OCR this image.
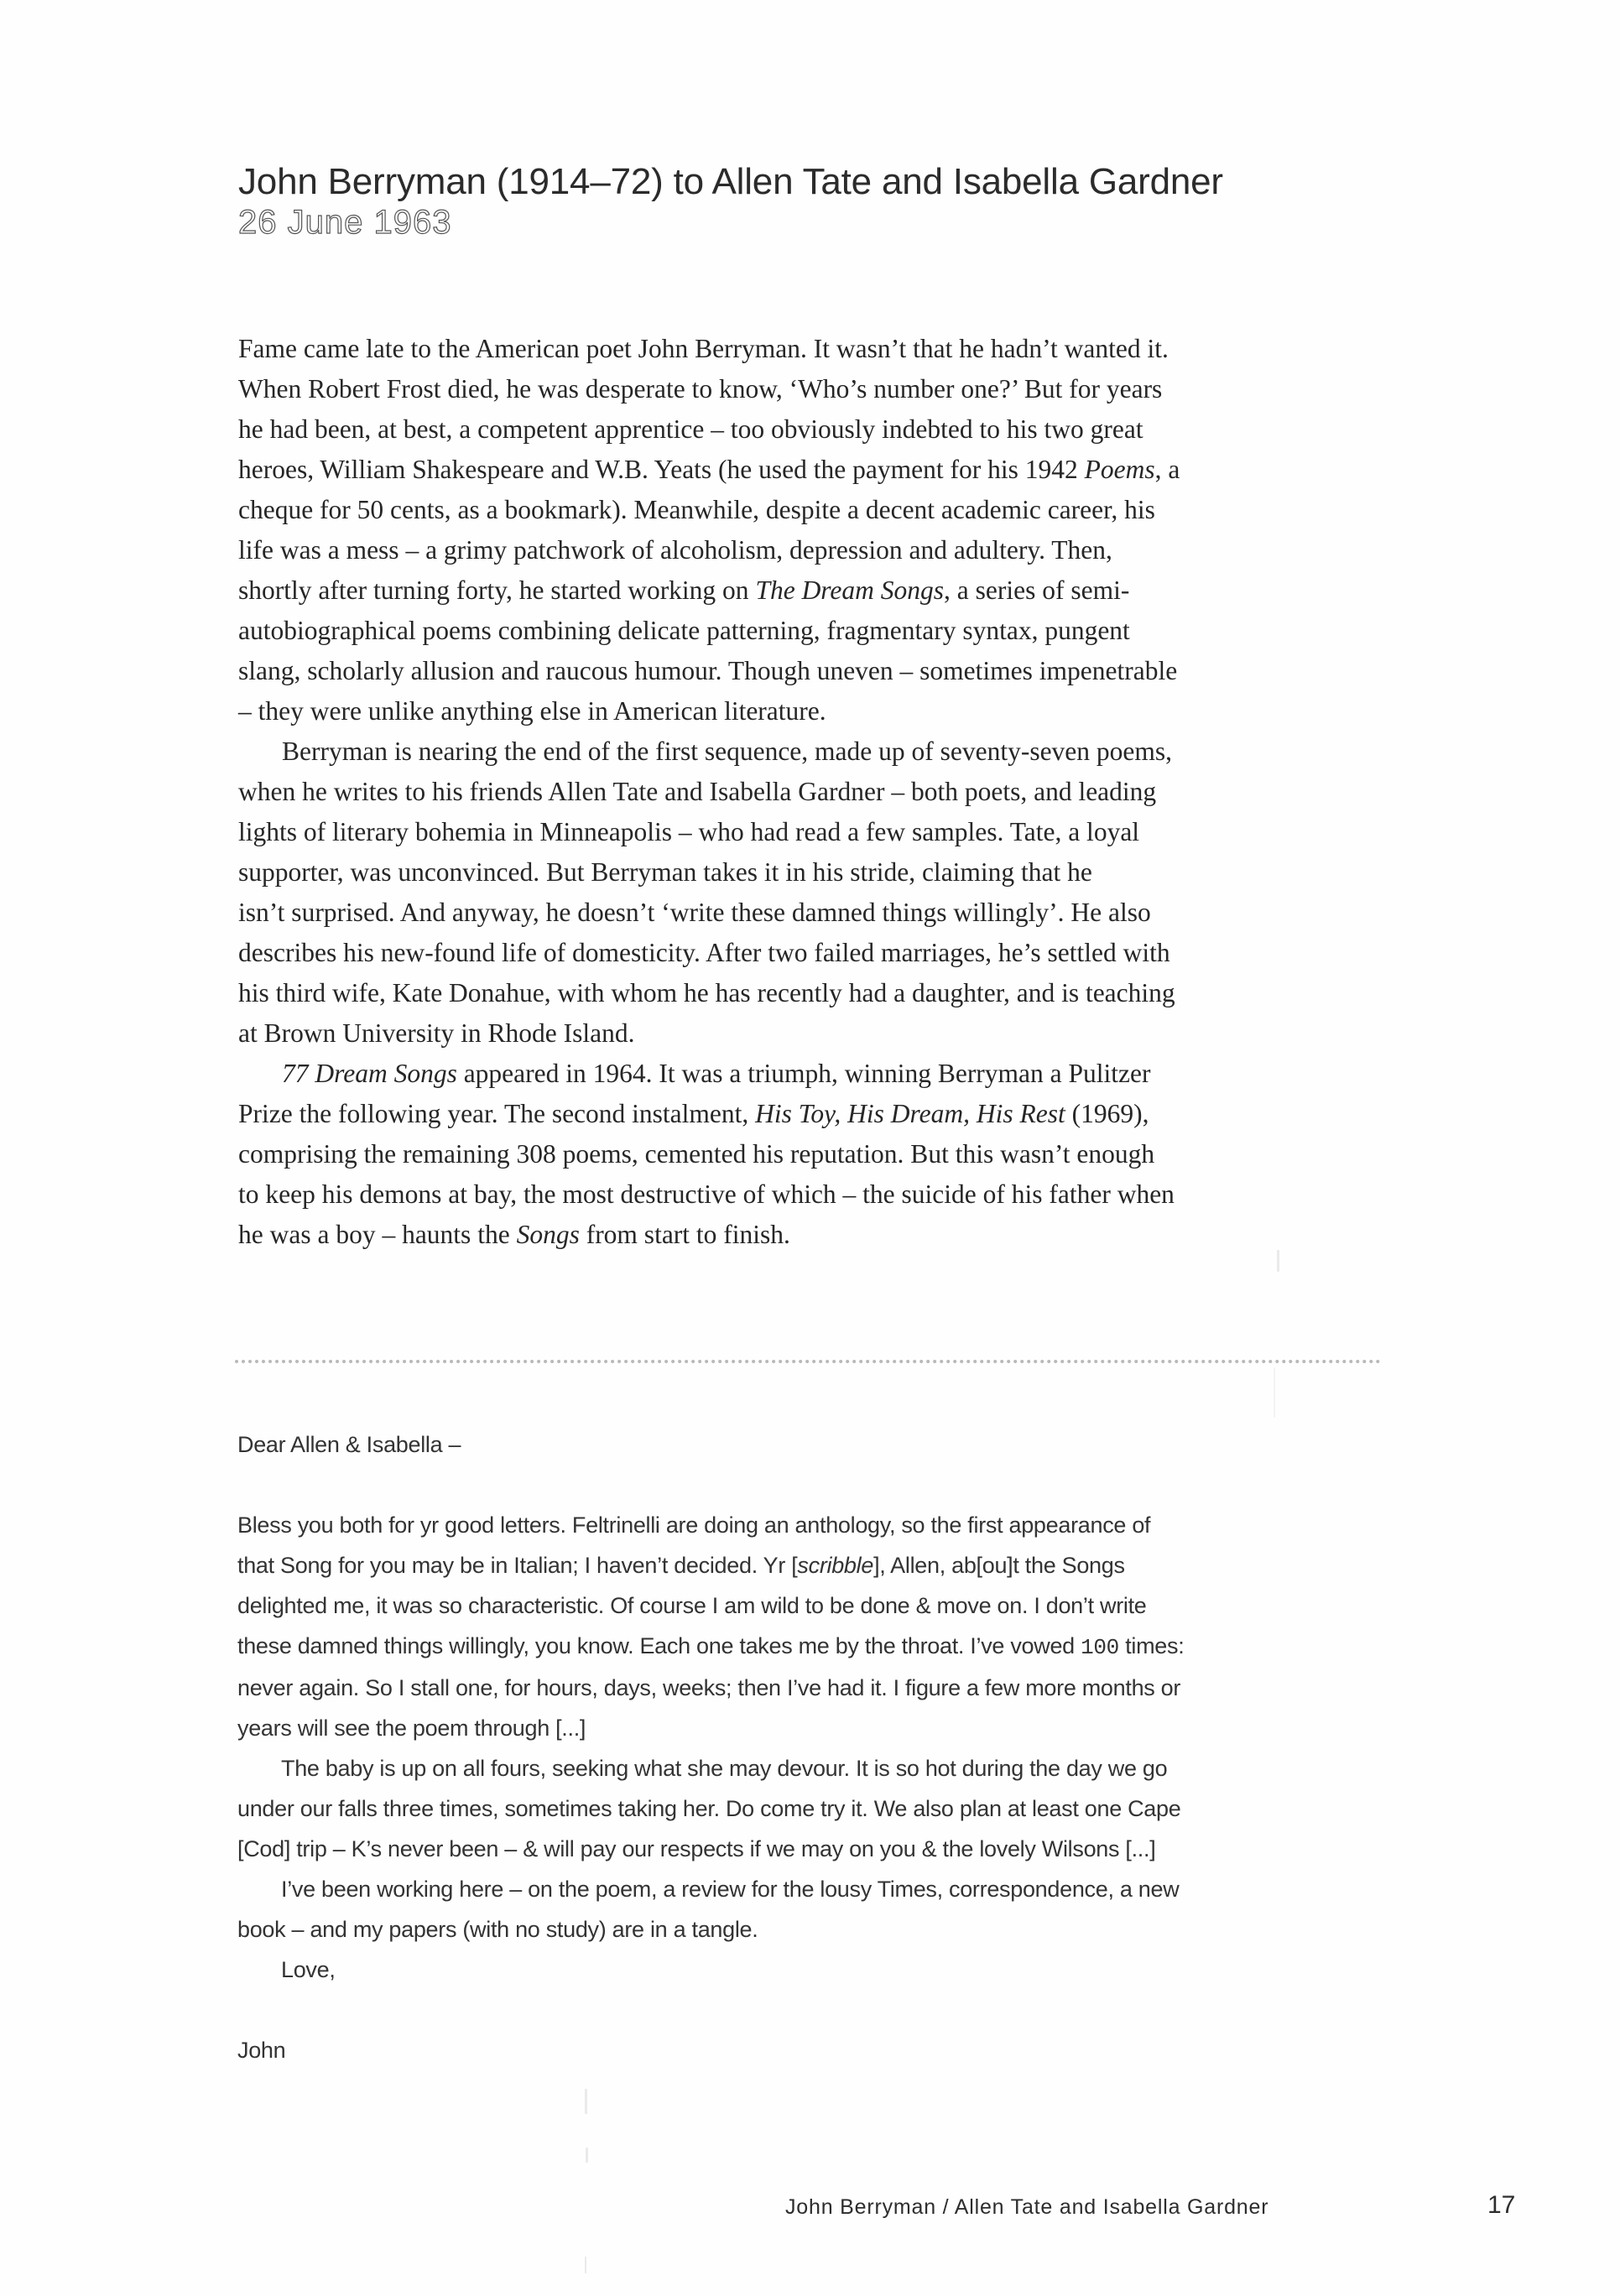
John Berryman (1914–72) to Allen Tate and Isabella Gardner
26 June 1963
Fame came late to the American poet John Berryman. It wasn’t that he hadn’t wanted it.
When Robert Frost died, he was desperate to know, ‘Who’s number one?’ But for years
he had been, at best, a competent apprentice – too obviously indebted to his two great
heroes, William Shakespeare and W.B. Yeats (he used the payment for his 1942 Poems, a
cheque for 50 cents, as a bookmark). Meanwhile, despite a decent academic career, his
life was a mess – a grimy patchwork of alcoholism, depression and adultery. Then,
shortly after turning forty, he started working on The Dream Songs, a series of semi-
autobiographical poems combining delicate patterning, fragmentary syntax, pungent
slang, scholarly allusion and raucous humour. Though uneven – sometimes impenetrable
– they were unlike anything else in American literature.
Berryman is nearing the end of the first sequence, made up of seventy-seven poems,
when he writes to his friends Allen Tate and Isabella Gardner – both poets, and leading
lights of literary bohemia in Minneapolis – who had read a few samples. Tate, a loyal
supporter, was unconvinced. But Berryman takes it in his stride, claiming that he
isn’t surprised. And anyway, he doesn’t ‘write these damned things willingly’. He also
describes his new-found life of domesticity. After two failed marriages, he’s settled with
his third wife, Kate Donahue, with whom he has recently had a daughter, and is teaching
at Brown University in Rhode Island.
77 Dream Songs appeared in 1964. It was a triumph, winning Berryman a Pulitzer
Prize the following year. The second instalment, His Toy, His Dream, His Rest (1969),
comprising the remaining 308 poems, cemented his reputation. But this wasn’t enough
to keep his demons at bay, the most destructive of which – the suicide of his father when
he was a boy – haunts the Songs from start to finish.
Dear Allen & Isabella –
Bless you both for yr good letters. Feltrinelli are doing an anthology, so the first appearance of
that Song for you may be in Italian; I haven’t decided. Yr [scribble], Allen, ab[ou]t the Songs
delighted me, it was so characteristic. Of course I am wild to be done & move on. I don’t write
these damned things willingly, you know. Each one takes me by the throat. I’ve vowed 100 times:
never again. So I stall one, for hours, days, weeks; then I’ve had it. I figure a few more months or
years will see the poem through [...]
The baby is up on all fours, seeking what she may devour. It is so hot during the day we go
under our falls three times, sometimes taking her. Do come try it. We also plan at least one Cape
[Cod] trip – K’s never been – & will pay our respects if we may on you & the lovely Wilsons [...]
I’ve been working here – on the poem, a review for the lousy Times, correspondence, a new
book – and my papers (with no study) are in a tangle.
Love,
John
John Berryman / Allen Tate and Isabella Gardner	17
